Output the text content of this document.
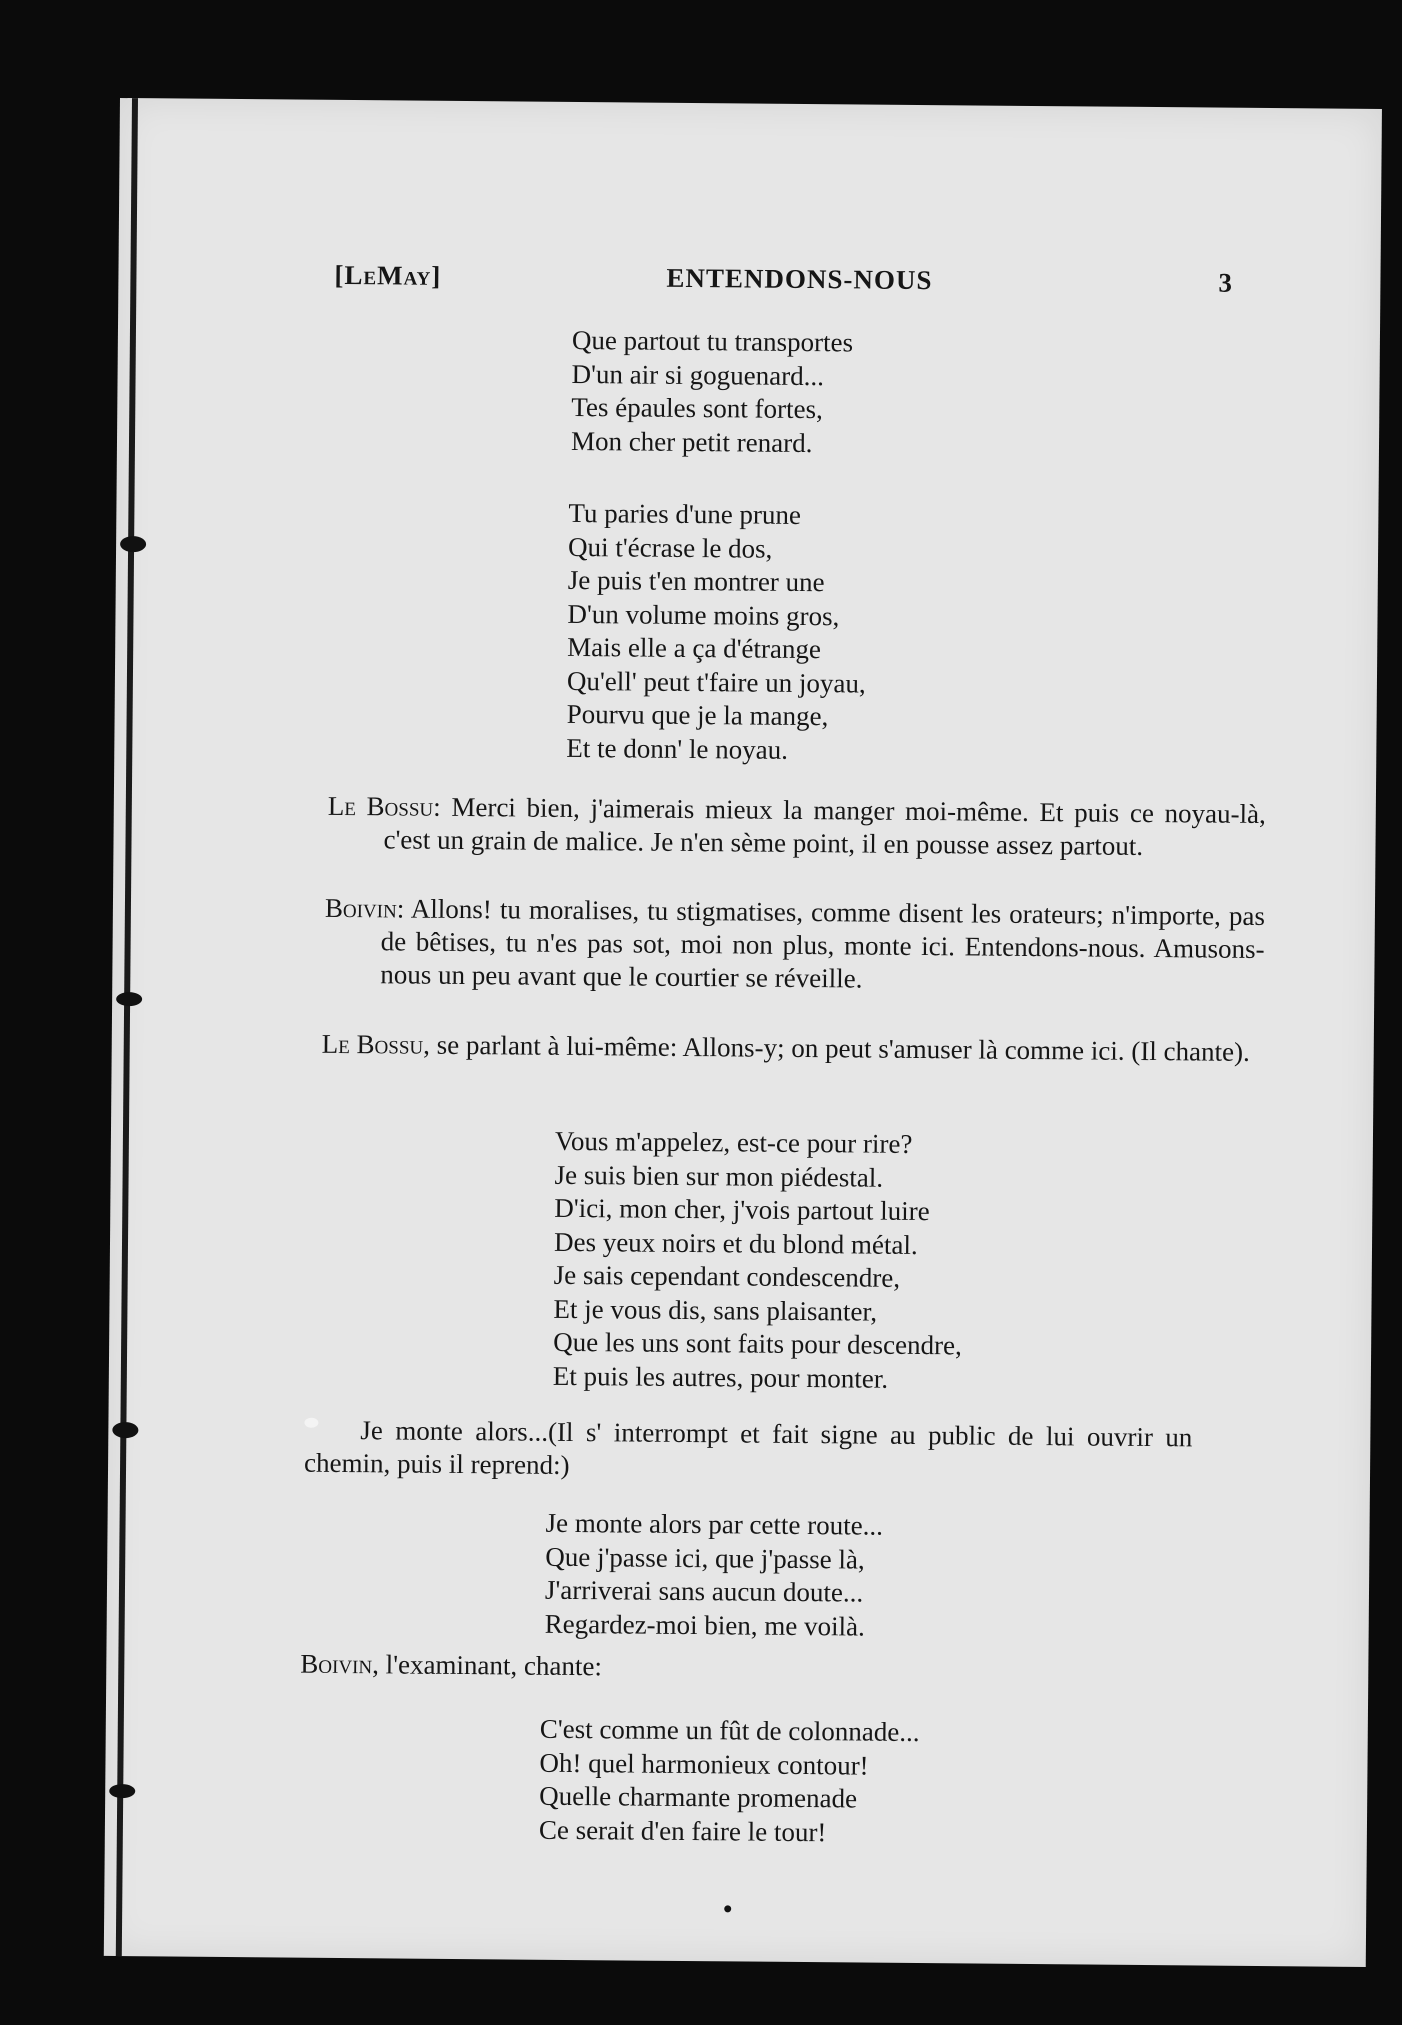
[LeMay]	ENTENDONS-NOUS	3
Que partout tu transportes
D'un air si goguenard...
Tes épaules sont fortes,
Mon cher petit renard.
Tu paries d'une prune
Qui t'écrase le dos,
Je puis t'en montrer une
D'un volume moins gros,
Mais elle a ça d'étrange
Qu'ell' peut t'faire un joyau,
Pourvu que je la mange,
Et te donn' le noyau.
Le Bossu: Merci bien, j'aimerais mieux la manger moi-même. Et puis ce noyau-là, c'est un grain de malice. Je n'en sème point, il en pousse assez partout.
Boivin: Allons! tu moralises, tu stigmatises, comme disent les orateurs; n'importe, pas de bêtises, tu n'es pas sot, moi non plus, monte ici. Entendons-nous. Amusons-nous un peu avant que le courtier se réveille.
Le Bossu, se parlant à lui-même: Allons-y; on peut s'amuser là comme ici. (Il chante).
Vous m'appelez, est-ce pour rire?
Je suis bien sur mon piédestal.
D'ici, mon cher, j'vois partout luire
Des yeux noirs et du blond métal.
Je sais cependant condescendre,
Et je vous dis, sans plaisanter,
Que les uns sont faits pour descendre,
Et puis les autres, pour monter.
Je monte alors...(Il s' interrompt et fait signe au public de lui ouvrir un chemin, puis il reprend:)
Je monte alors par cette route...
Que j'passe ici, que j'passe là,
J'arriverai sans aucun doute...
Regardez-moi bien, me voilà.
Boivin, l'examinant, chante:
C'est comme un fût de colonnade...
Oh! quel harmonieux contour!
Quelle charmante promenade
Ce serait d'en faire le tour!
